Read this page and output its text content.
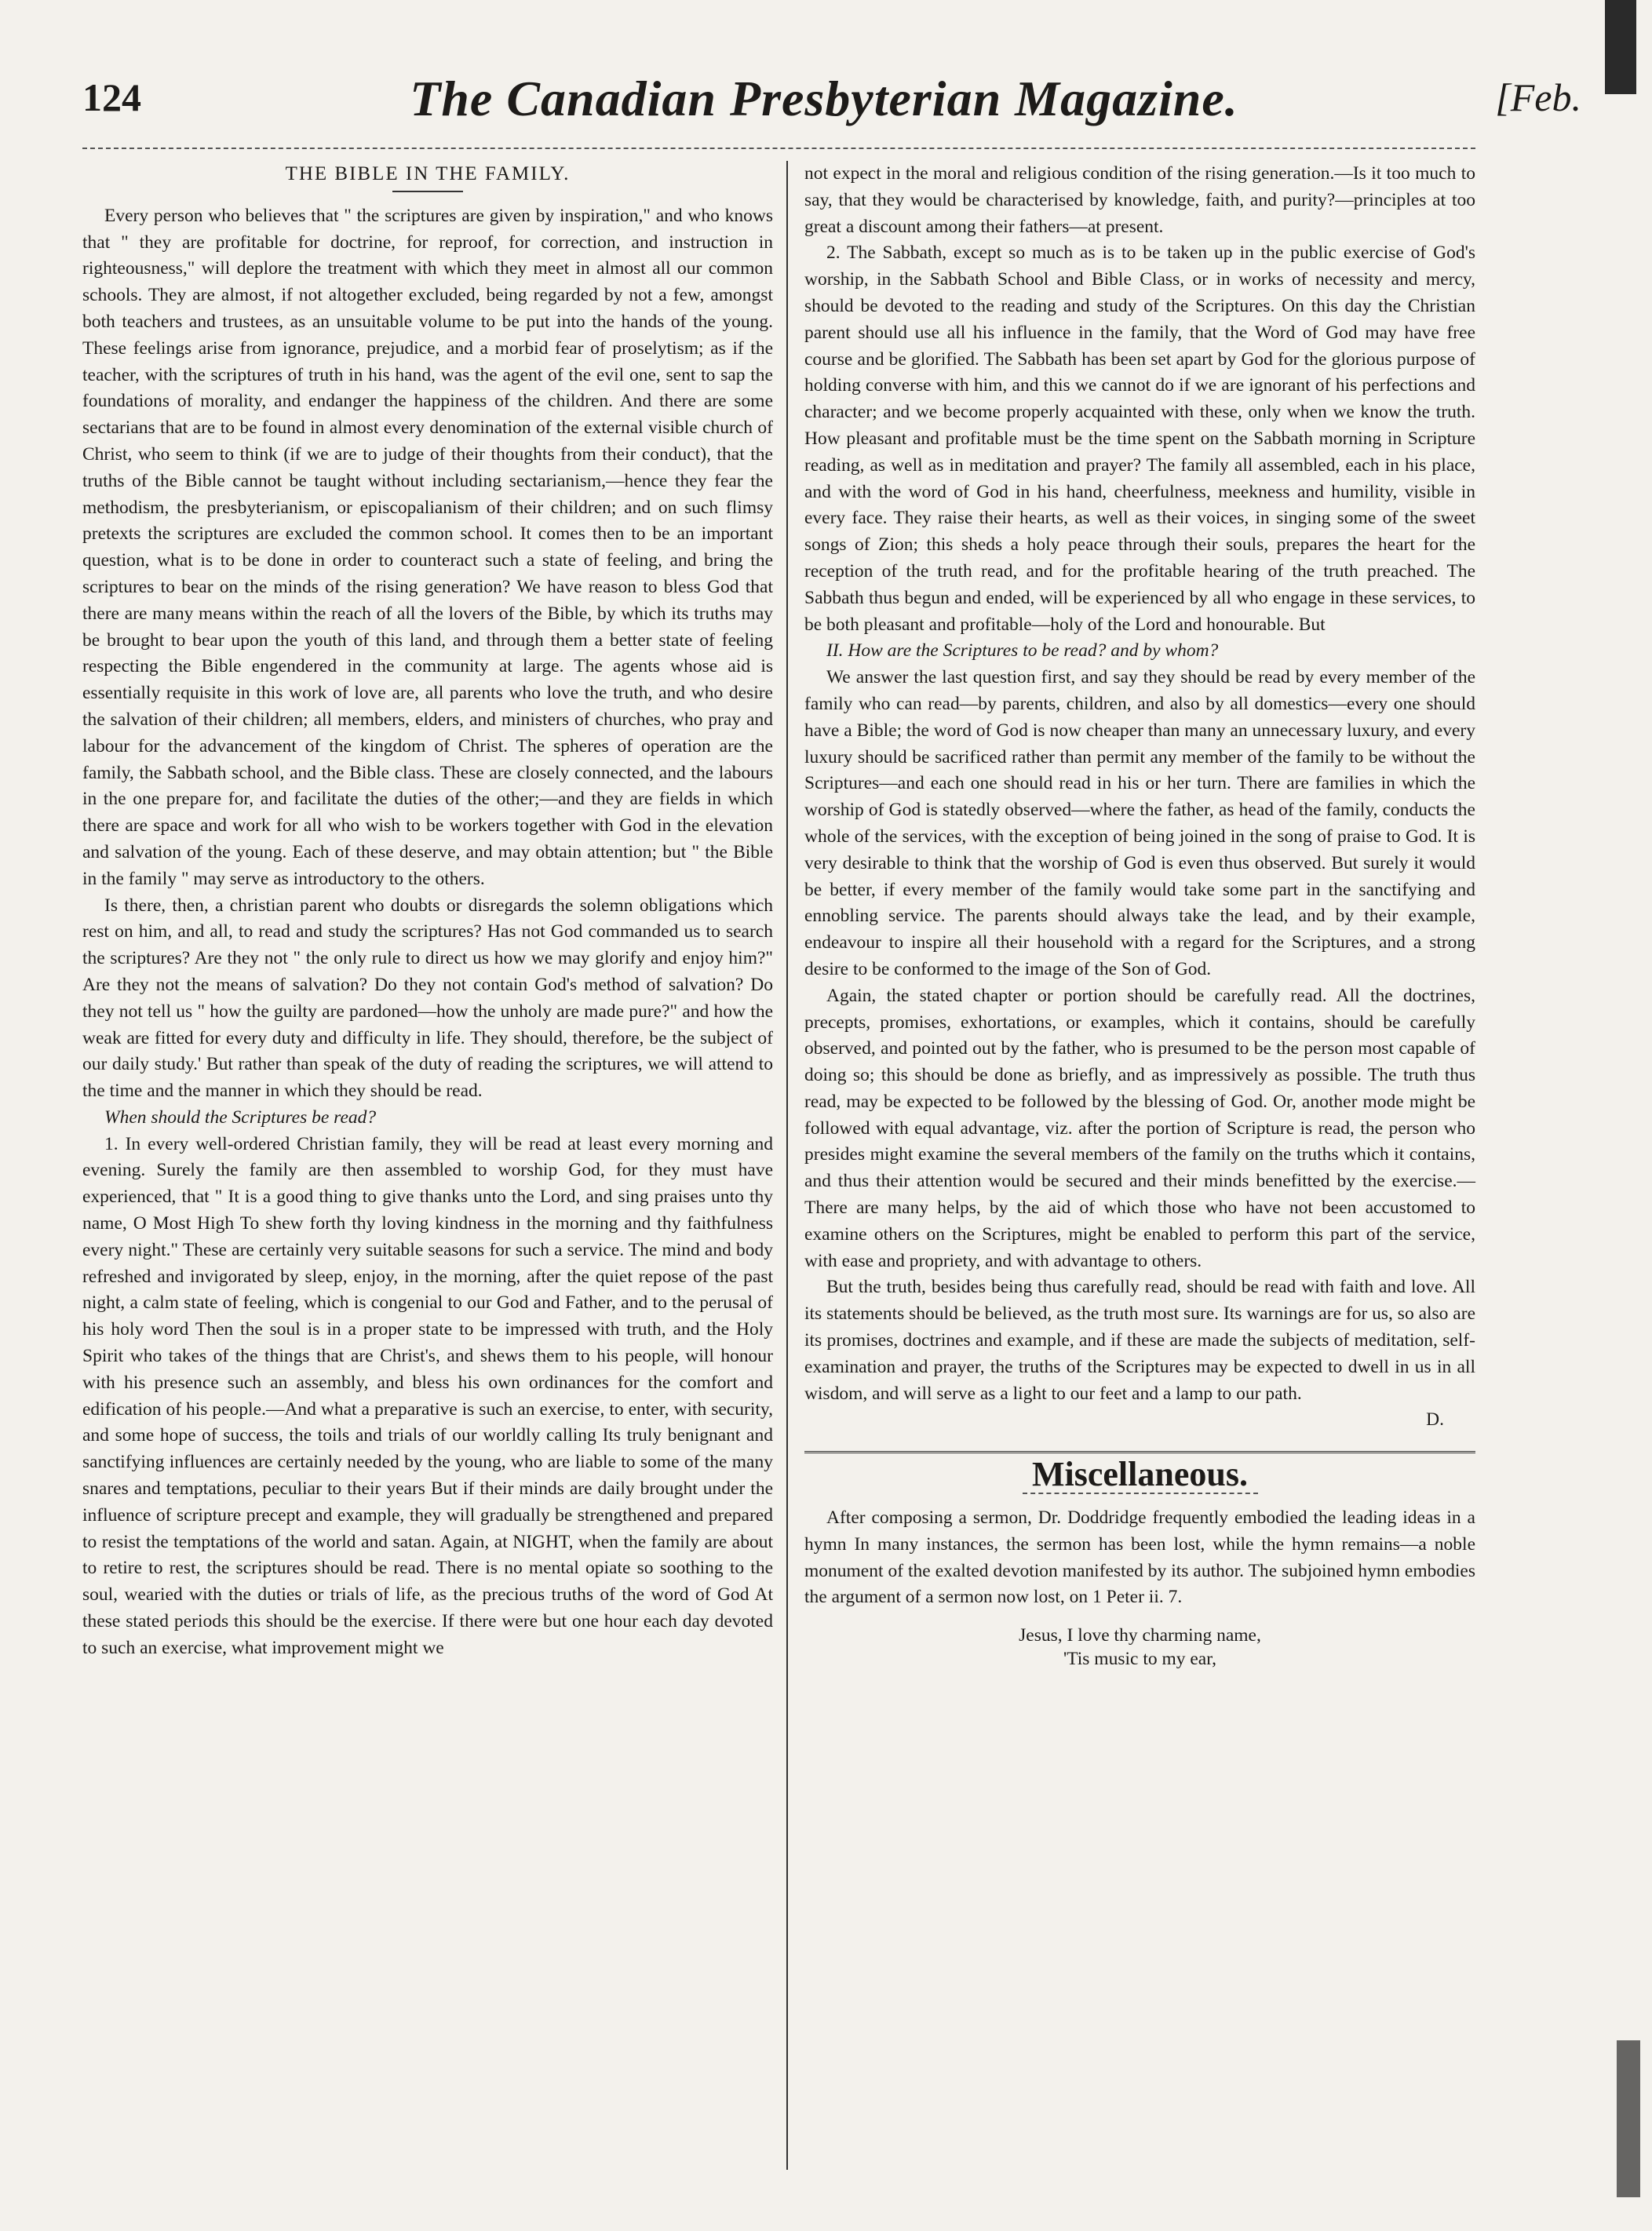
124	The Canadian Presbyterian Magazine.	[Feb.
THE BIBLE IN THE FAMILY.

Every person who believes that " the scriptures are given by inspiration," and who knows that " they are profitable for doctrine, for reproof, for correction, and instruction in righteousness," will deplore the treatment with which they meet in almost all our common schools. They are almost, if not altogether excluded, being regarded by not a few, amongst both teachers and trustees, as an unsuitable volume to be put into the hands of the young. These feelings arise from ignorance, prejudice, and a morbid fear of proselytism; as if the teacher, with the scriptures of truth in his hand, was the agent of the evil one, sent to sap the foundations of morality, and endanger the happiness of the children. And there are some sectarians that are to be found in almost every denomination of the external visible church of Christ, who seem to think (if we are to judge of their thoughts from their conduct), that the truths of the Bible cannot be taught without including sectarianism,—hence they fear the methodism, the presbyterianism, or episcopalianism of their children; and on such flimsy pretexts the scriptures are excluded the common school. It comes then to be an important question, what is to be done in order to counteract such a state of feeling, and bring the scriptures to bear on the minds of the rising generation? We have reason to bless God that there are many means within the reach of all the lovers of the Bible, by which its truths may be brought to bear upon the youth of this land, and through them a better state of feeling respecting the Bible engendered in the community at large. The agents whose aid is essentially requisite in this work of love are, all parents who love the truth, and who desire the salvation of their children; all members, elders, and ministers of churches, who pray and labour for the advancement of the kingdom of Christ. The spheres of operation are the family, the Sabbath school, and the Bible class. These are closely connected, and the labours in the one prepare for, and facilitate the duties of the other;—and they are fields in which there are space and work for all who wish to be workers together with God in the elevation and salvation of the young. Each of these deserve, and may obtain attention; but " the Bible in the family " may serve as introductory to the others.

Is there, then, a christian parent who doubts or disregards the solemn obligations which rest on him, and all, to read and study the scriptures? Has not God commanded us to search the scriptures? Are they not " the only rule to direct us how we may glorify and enjoy him?" Are they not the means of salvation? Do they not contain God's method of salvation? Do they not tell us " how the guilty are pardoned—how the unholy are made pure?" and how the weak are fitted for every duty and difficulty in life. They should, therefore, be the subject of our daily study.' But rather than speak of the duty of reading the scriptures, we will attend to the time and the manner in which they should be read.

When should the Scriptures be read?

1. In every well-ordered Christian family, they will be read at least every morning and evening. Surely the family are then assembled to worship God, for they must have experienced, that " It is a good thing to give thanks unto the Lord, and sing praises unto thy name, O Most High To shew forth thy loving kindness in the morning and thy faithfulness every night." These are certainly very suitable seasons for such a service. The mind and body refreshed and invigorated by sleep, enjoy, in the morning, after the quiet repose of the past night, a calm state of feeling, which is congenial to our God and Father, and to the perusal of his holy word Then the soul is in a proper state to be impressed with truth, and the Holy Spirit who takes of the things that are Christ's, and shews them to his people, will honour with his presence such an assembly, and bless his own ordinances for the comfort and edification of his people.—And what a preparative is such an exercise, to enter, with security, and some hope of success, the toils and trials of our worldly calling Its truly benignant and sanctifying influences are certainly needed by the young, who are liable to some of the many snares and temptations, peculiar to their years But if their minds are daily brought under the influence of scripture precept and example, they will gradually be strengthened and prepared to resist the temptations of the world and satan. Again, at NIGHT, when the family are about to retire to rest, the scriptures should be read. There is no mental opiate so soothing to the soul, wearied with the duties or trials of life, as the precious truths of the word of God At these stated periods this should be the exercise. If there were but one hour each day devoted to such an exercise, what improvement might we

not expect in the moral and religious condition of the rising generation.—Is it too much to say, that they would be characterised by knowledge, faith, and purity?—principles at too great a discount among their fathers—at present.

2. The Sabbath, except so much as is to be taken up in the public exercise of God's worship, in the Sabbath School and Bible Class, or in works of necessity and mercy, should be devoted to the reading and study of the Scriptures. On this day the Christian parent should use all his influence in the family, that the Word of God may have free course and be glorified. The Sabbath has been set apart by God for the glorious purpose of holding converse with him, and this we cannot do if we are ignorant of his perfections and character; and we become properly acquainted with these, only when we know the truth. How pleasant and profitable must be the time spent on the Sabbath morning in Scripture reading, as well as in meditation and prayer? The family all assembled, each in his place, and with the word of God in his hand, cheerfulness, meekness and humility, visible in every face. They raise their hearts, as well as their voices, in singing some of the sweet songs of Zion; this sheds a holy peace through their souls, prepares the heart for the reception of the truth read, and for the profitable hearing of the truth preached. The Sabbath thus begun and ended, will be experienced by all who engage in these services, to be both pleasant and profitable—holy of the Lord and honourable. But

II. How are the Scriptures to be read? and by whom?

We answer the last question first, and say they should be read by every member of the family who can read—by parents, children, and also by all domestics—every one should have a Bible; the word of God is now cheaper than many an unnecessary luxury, and every luxury should be sacrificed rather than permit any member of the family to be without the Scriptures—and each one should read in his or her turn. There are families in which the worship of God is statedly observed—where the father, as head of the family, conducts the whole of the services, with the exception of being joined in the song of praise to God. It is very desirable to think that the worship of God is even thus observed. But surely it would be better, if every member of the family would take some part in the sanctifying and ennobling service. The parents should always take the lead, and by their example, endeavour to inspire all their household with a regard for the Scriptures, and a strong desire to be conformed to the image of the Son of God.

Again, the stated chapter or portion should be carefully read. All the doctrines, precepts, promises, exhortations, or examples, which it contains, should be carefully observed, and pointed out by the father, who is presumed to be the person most capable of doing so; this should be done as briefly, and as impressively as possible. The truth thus read, may be expected to be followed by the blessing of God. Or, another mode might be followed with equal advantage, viz. after the portion of Scripture is read, the person who presides might examine the several members of the family on the truths which it contains, and thus their attention would be secured and their minds benefitted by the exercise.—There are many helps, by the aid of which those who have not been accustomed to examine others on the Scriptures, might be enabled to perform this part of the service, with ease and propriety, and with advantage to others.

But the truth, besides being thus carefully read, should be read with faith and love. All its statements should be believed, as the truth most sure. Its warnings are for us, so also are its promises, doctrines and example, and if these are made the subjects of meditation, self-examination and prayer, the truths of the Scriptures may be expected to dwell in us in all wisdom, and will serve as a light to our feet and a lamp to our path.

D.
Miscellaneous.

After composing a sermon, Dr. Doddridge frequently embodied the leading ideas in a hymn In many instances, the sermon has been lost, while the hymn remains—a noble monument of the exalted devotion manifested by its author. The subjoined hymn embodies the argument of a sermon now lost, on 1 Peter ii. 7.

Jesus, I love thy charming name,
'Tis music to my ear,
